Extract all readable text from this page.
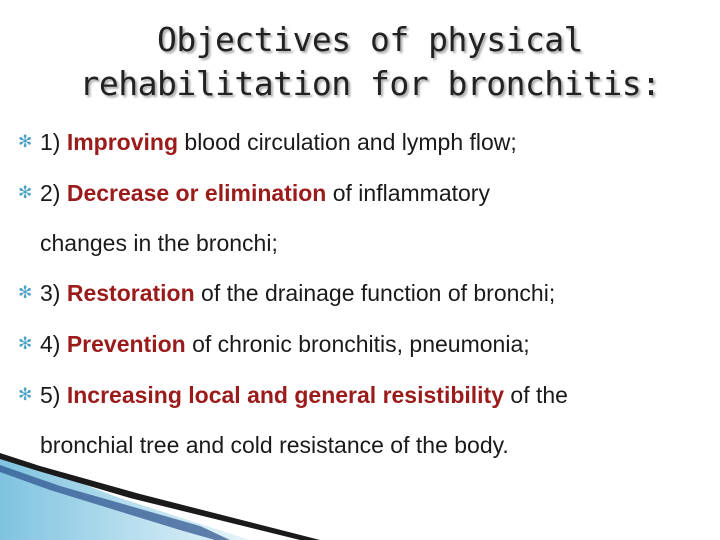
Objectives of physical
rehabilitation for bronchitis:
✻ 1) Improving blood circulation and lymph flow;
✻ 2) Decrease or elimination of inflammatory
changes in the bronchi;
✻ 3) Restoration of the drainage function of bronchi;
✻ 4) Prevention of chronic bronchitis, pneumonia;
✻ 5) Increasing local and general resistibility of the
bronchial tree and cold resistance of the body.
